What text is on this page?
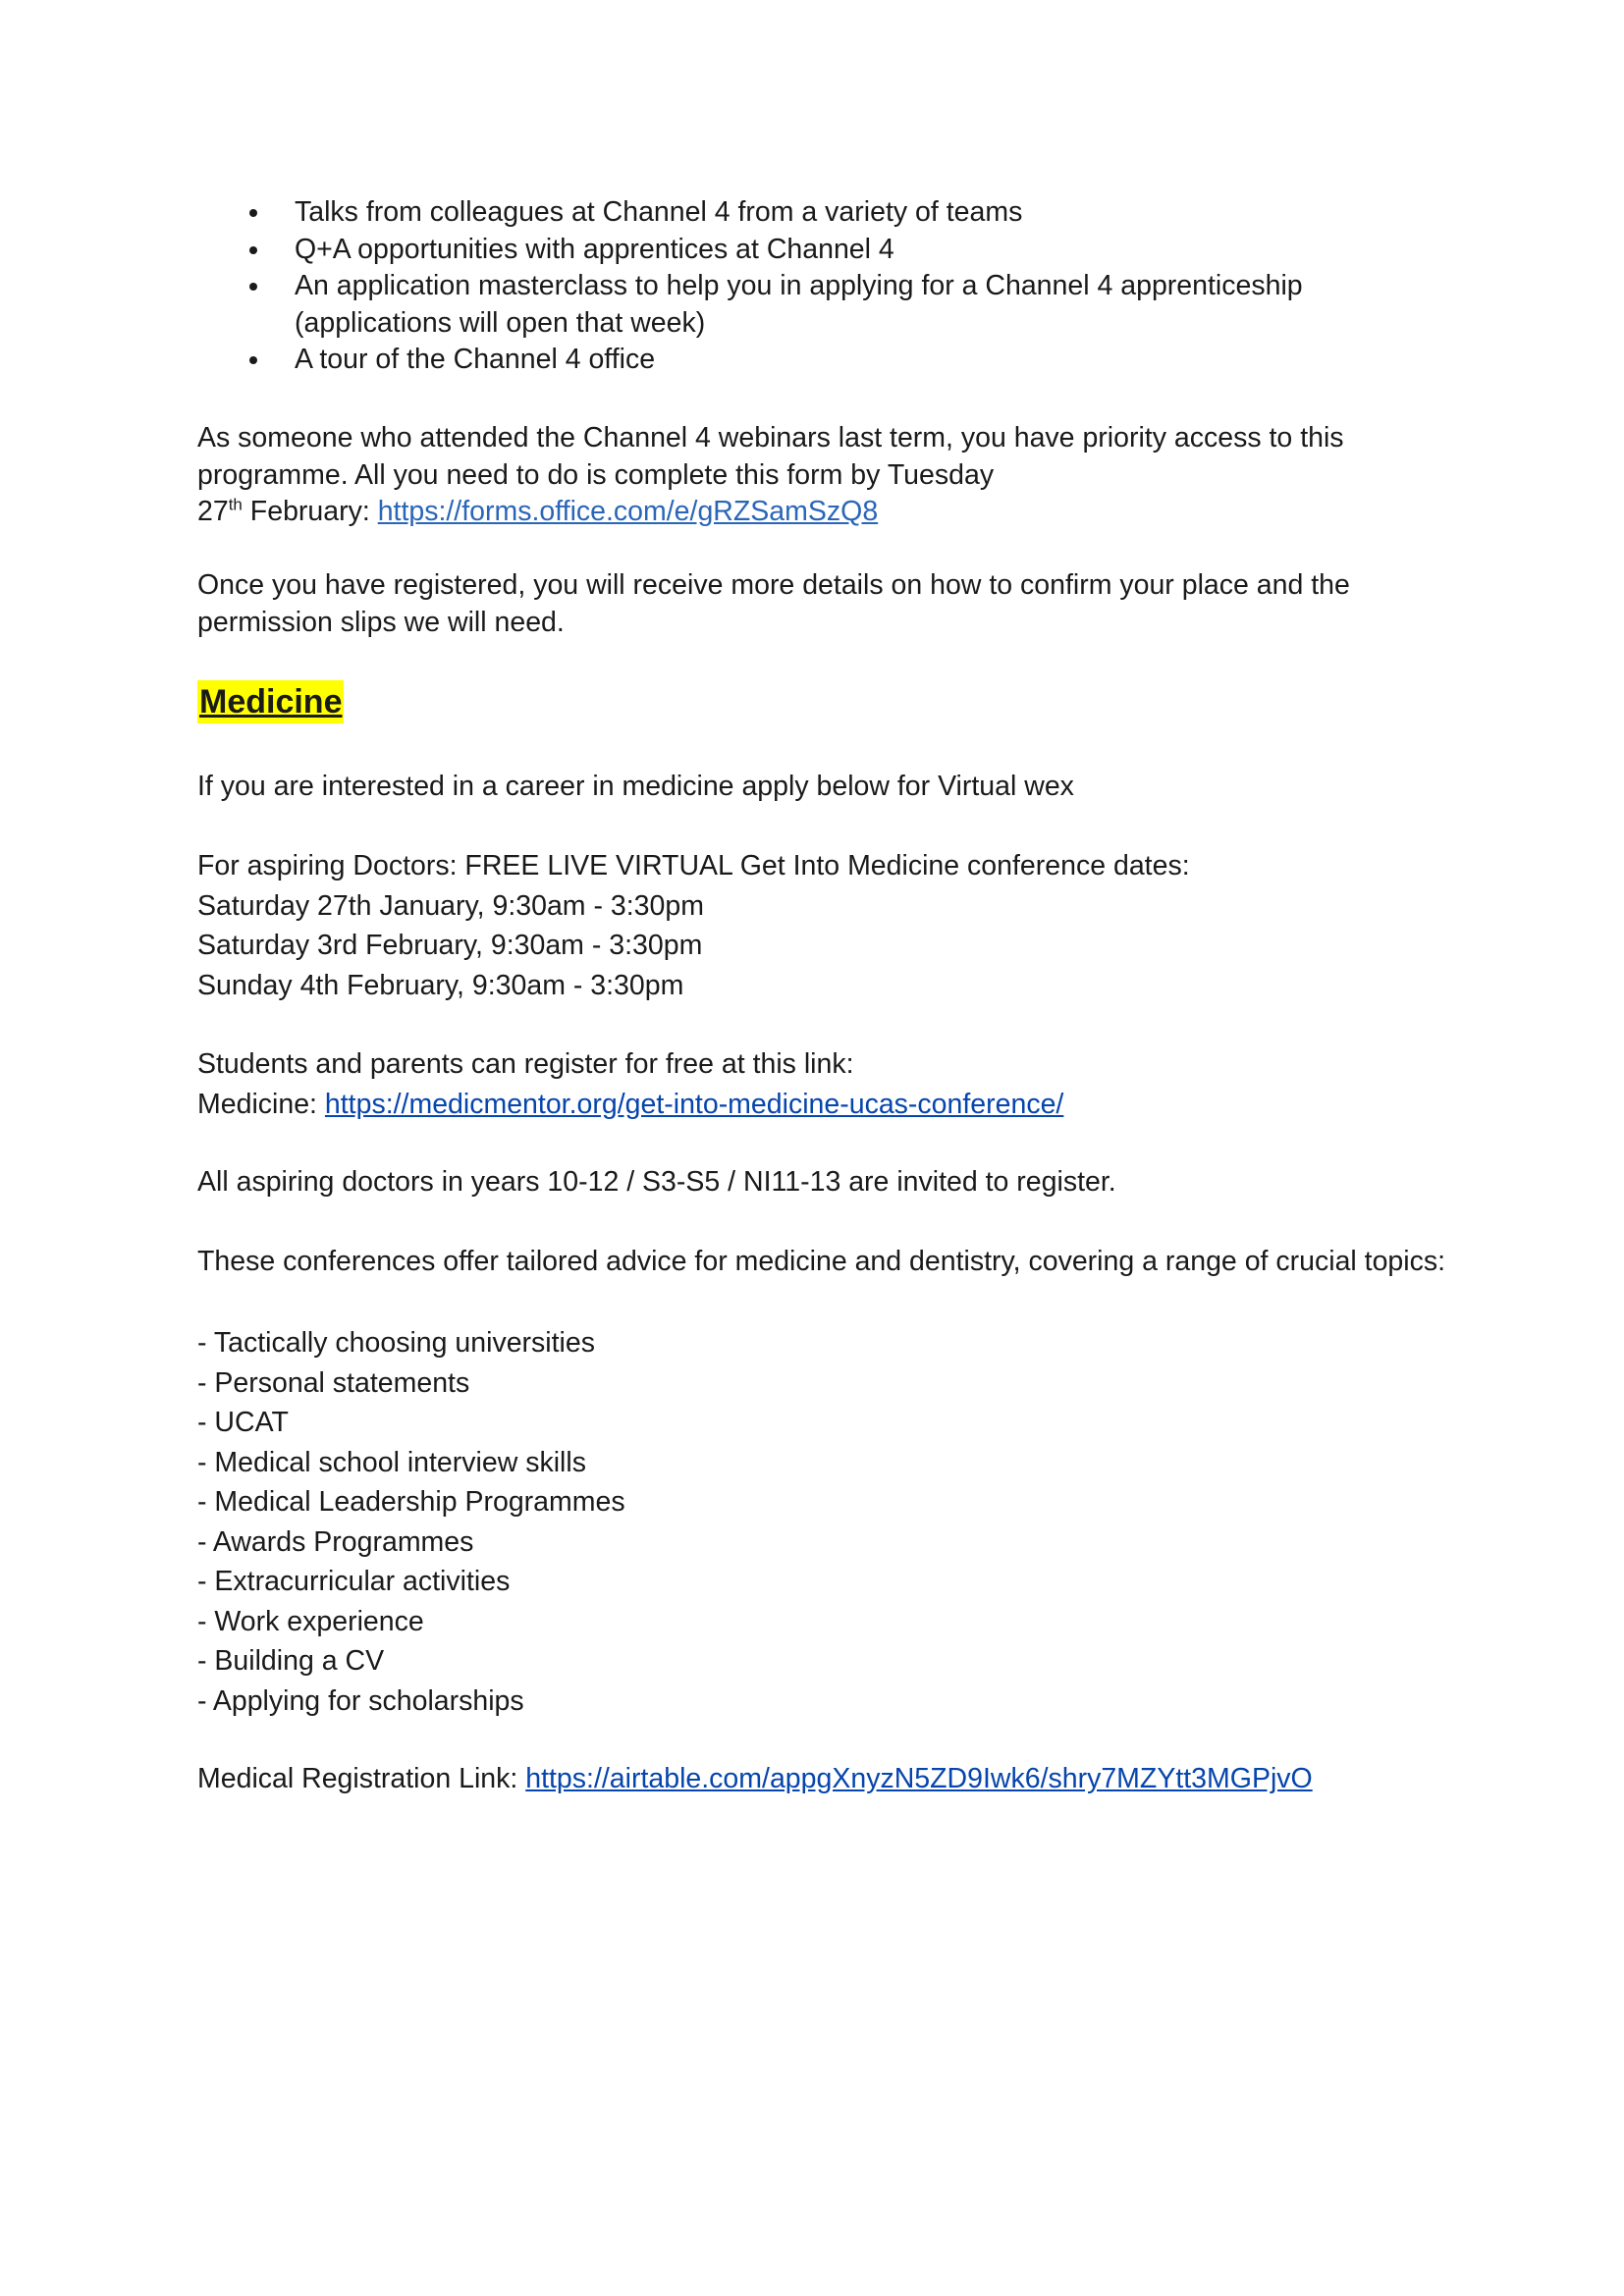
Talks from colleagues at Channel 4 from a variety of teams
Q+A opportunities with apprentices at Channel 4
An application masterclass to help you in applying for a Channel 4 apprenticeship
(applications will open that week)
A tour of the Channel 4 office

As someone who attended the Channel 4 webinars last term, you have priority access to this
programme. All you need to do is complete this form by Tuesday
27th February: https://forms.office.com/e/gRZSamSzQ8

Once you have registered, you will receive more details on how to confirm your place and the
permission slips we will need.

Medicine

If you are interested in a career in medicine apply below for Virtual wex

For aspiring Doctors: FREE LIVE VIRTUAL Get Into Medicine conference dates:
Saturday 27th January, 9:30am - 3:30pm
Saturday 3rd February, 9:30am - 3:30pm
Sunday 4th February, 9:30am - 3:30pm

Students and parents can register for free at this link:
Medicine: https://medicmentor.org/get-into-medicine-ucas-conference/

All aspiring doctors in years 10-12 / S3-S5 / NI11-13 are invited to register.

These conferences offer tailored advice for medicine and dentistry, covering a range of crucial topics:

- Tactically choosing universities
- Personal statements
- UCAT
- Medical school interview skills
- Medical Leadership Programmes
- Awards Programmes
- Extracurricular activities
- Work experience
- Building a CV
- Applying for scholarships

Medical Registration Link: https://airtable.com/appgXnyzN5ZD9Iwk6/shry7MZYtt3MGPjvO
